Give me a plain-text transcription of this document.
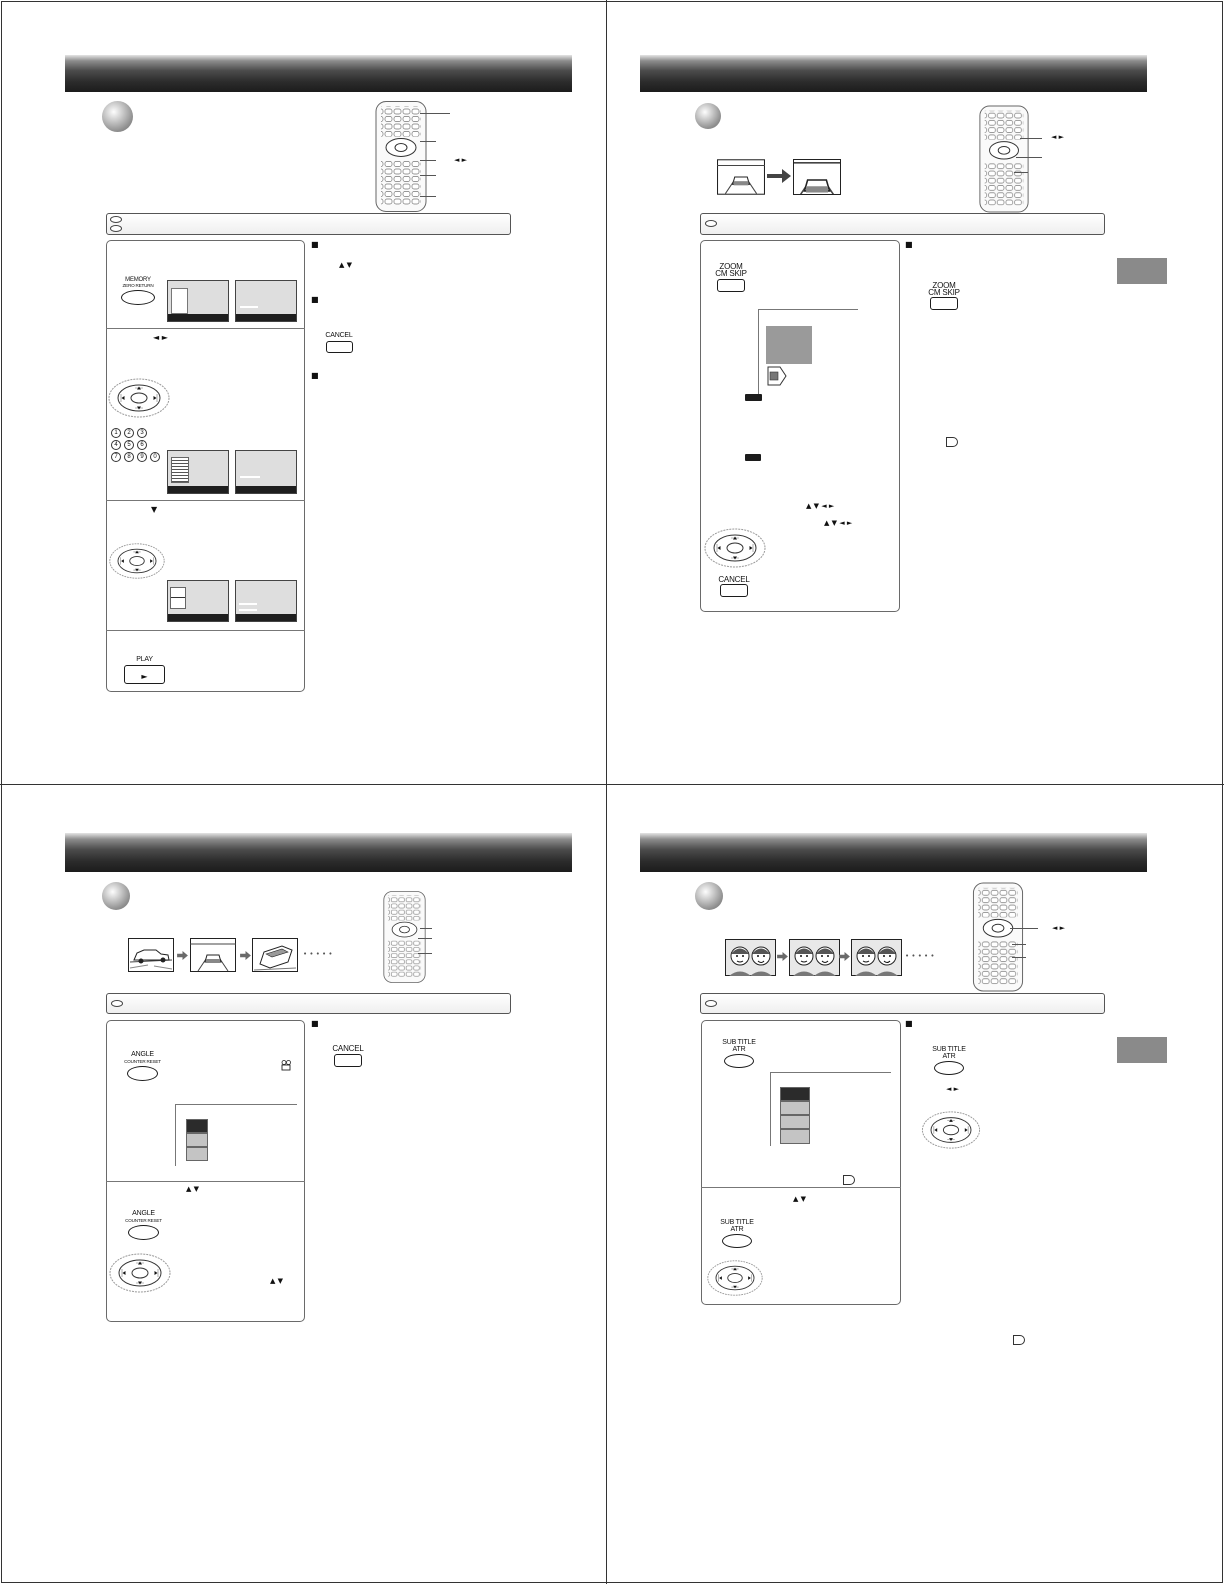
◄ ►
MEMORY
ZERO RETURN
◄ ►
1	2	3
4	5	6
7	8	9	0
▼
PLAY
►
■
▲ ▼
■
CANCEL
■
◄ ►
ZOOM
CM SKIP
▲ ▼ ◄ ►
▲ ▼ ◄ ►
CANCEL
■
ZOOM
CM SKIP
• • • • •
ANGLE
COUNTER RESET
▲ ▼
ANGLE
COUNTER RESET
▲ ▼
■
CANCEL
• • • • •
◄ ►
SUB TITLE
ATR
▲ ▼
SUB TITLE
ATR
■
SUB TITLE
ATR
◄ ►
